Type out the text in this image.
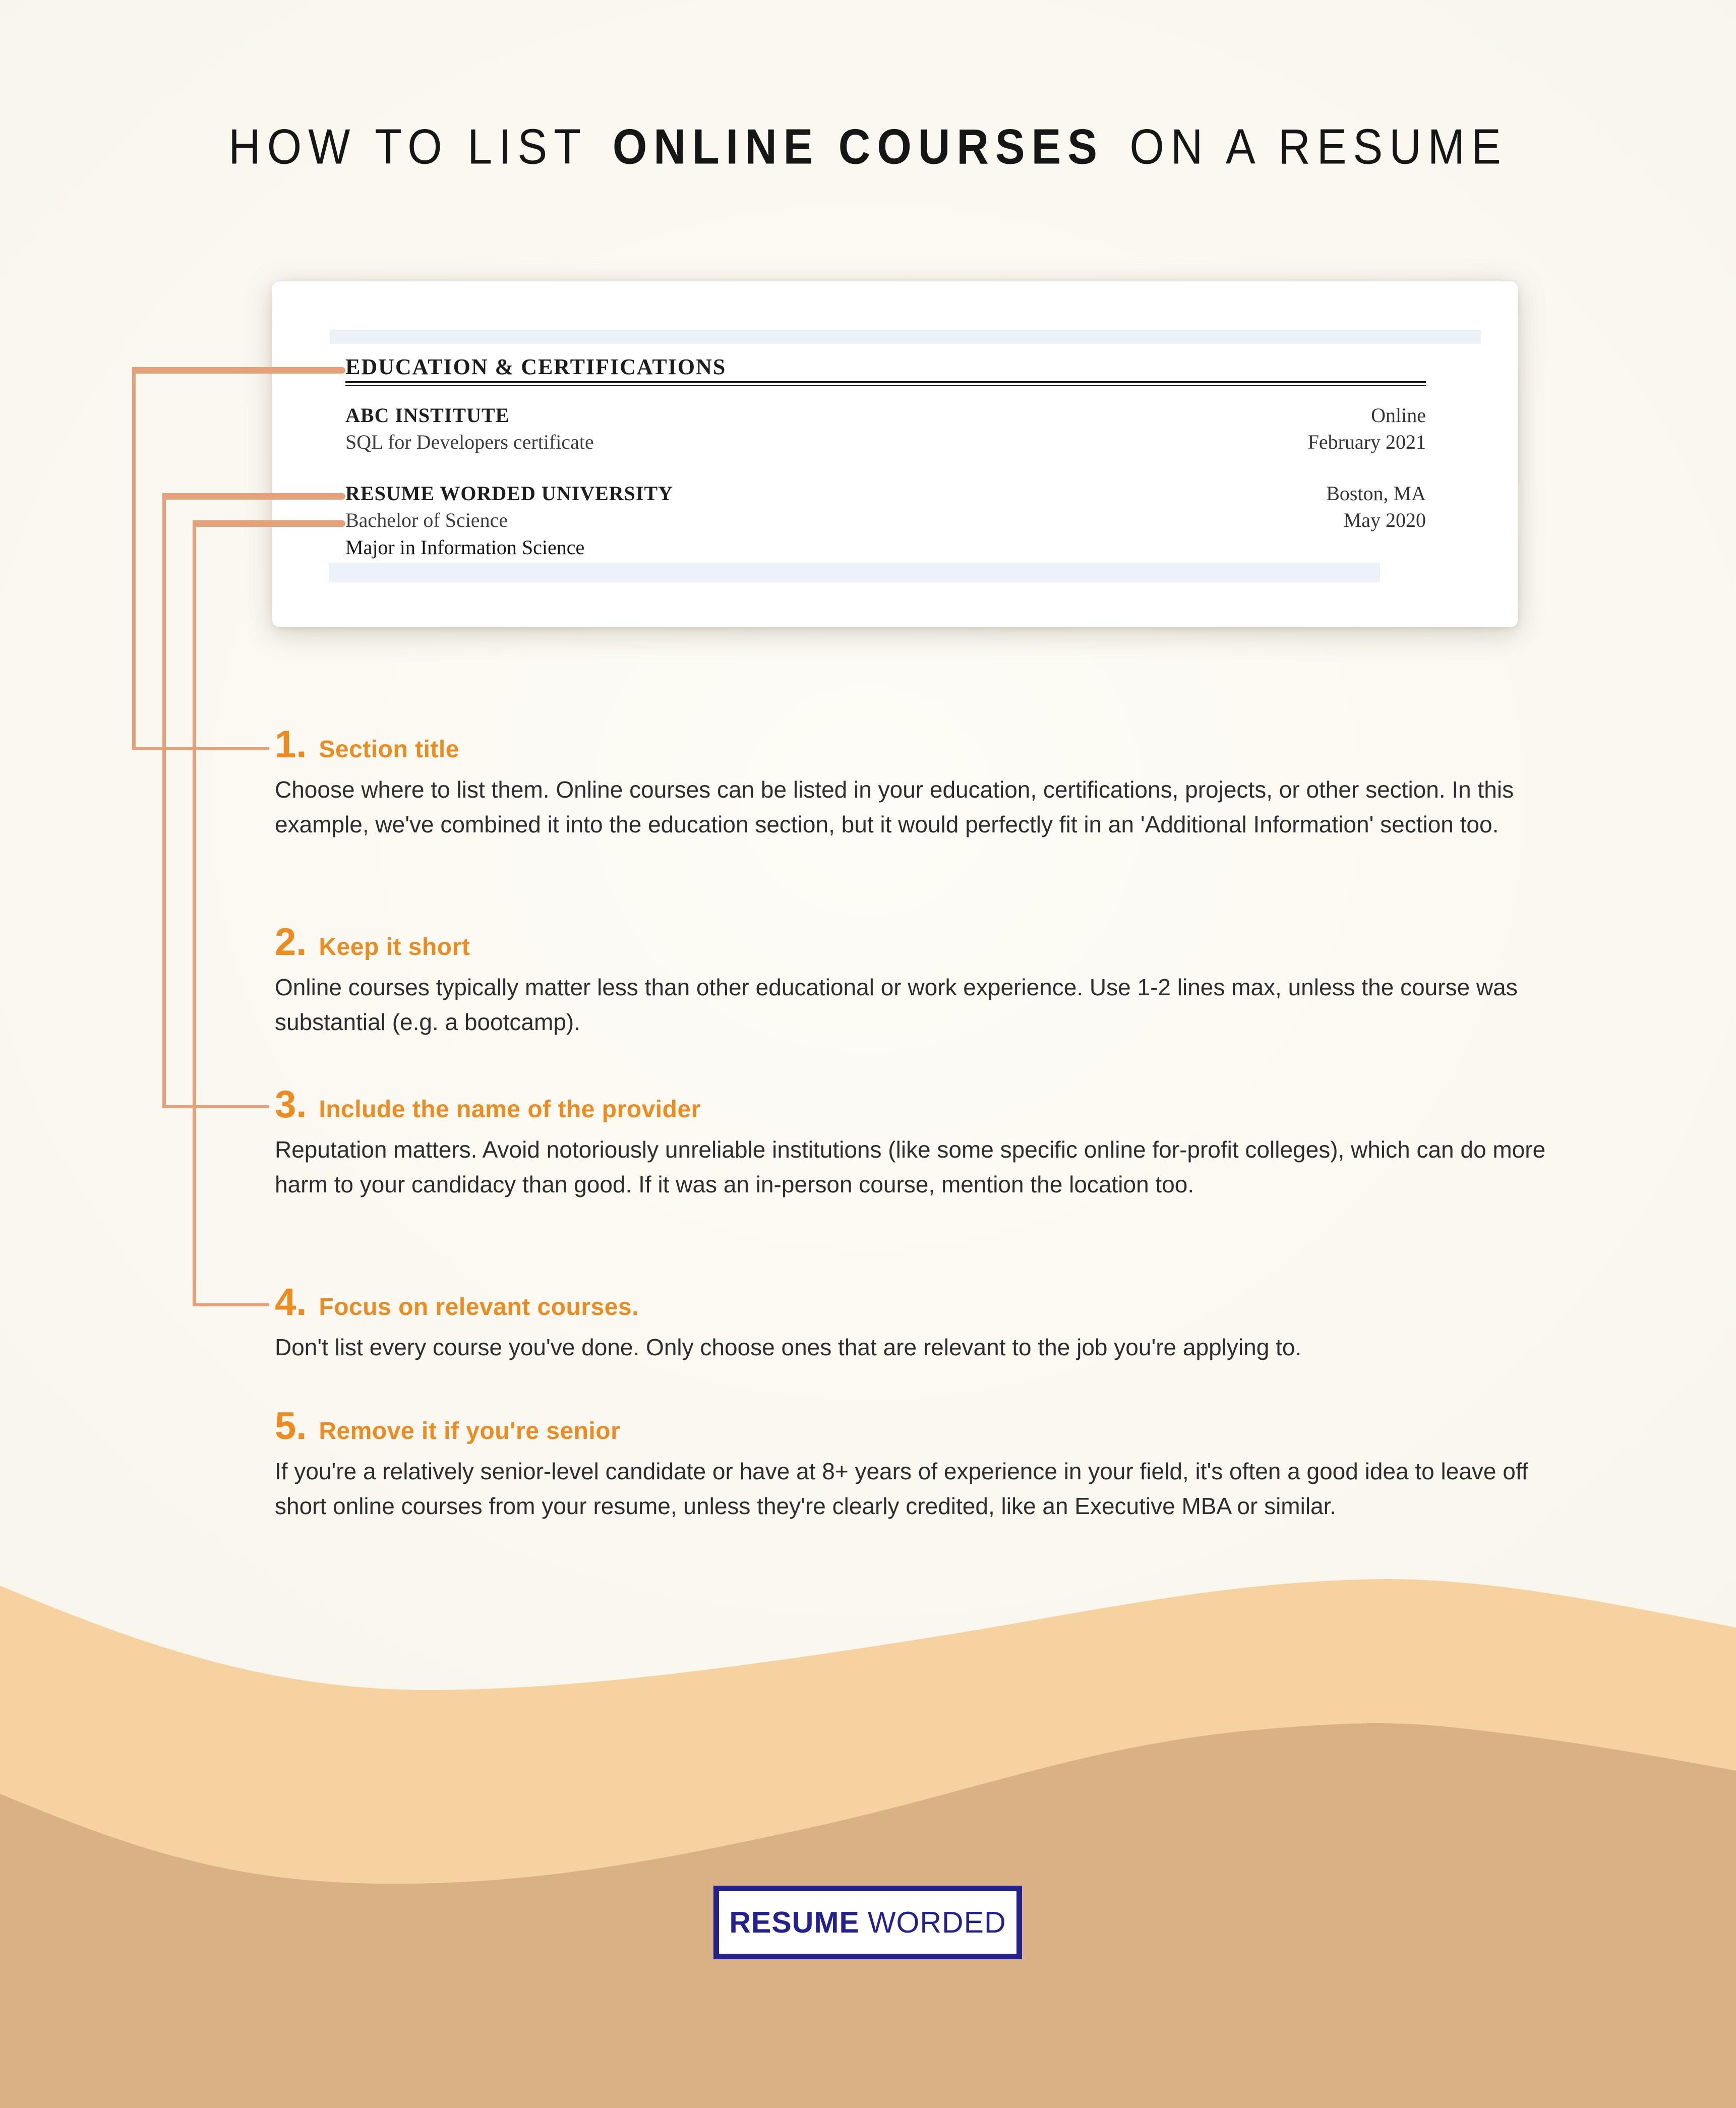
HOW TO LIST ONLINE COURSES ON A RESUME
EDUCATION & CERTIFICATIONS
ABC INSTITUTE	Online
SQL for Developers certificate	February 2021
RESUME WORDED UNIVERSITY	Boston, MA
Bachelor of Science	May 2020
Major in Information Science
1. Section title
Choose where to list them. Online courses can be listed in your education, certifications, projects, or other section. In this example, we've combined it into the education section, but it would perfectly fit in an 'Additional Information' section too.
2. Keep it short
Online courses typically matter less than other educational or work experience. Use 1-2 lines max, unless the course was substantial (e.g. a bootcamp).
3. Include the name of the provider
Reputation matters. Avoid notoriously unreliable institutions (like some specific online for-profit colleges), which can do more harm to your candidacy than good. If it was an in-person course, mention the location too.
4. Focus on relevant courses.
Don't list every course you've done. Only choose ones that are relevant to the job you're applying to.
5. Remove it if you're senior
If you're a relatively senior-level candidate or have at 8+ years of experience in your field, it's often a good idea to leave off short online courses from your resume, unless they're clearly credited, like an Executive MBA or similar.
RESUME WORDED
